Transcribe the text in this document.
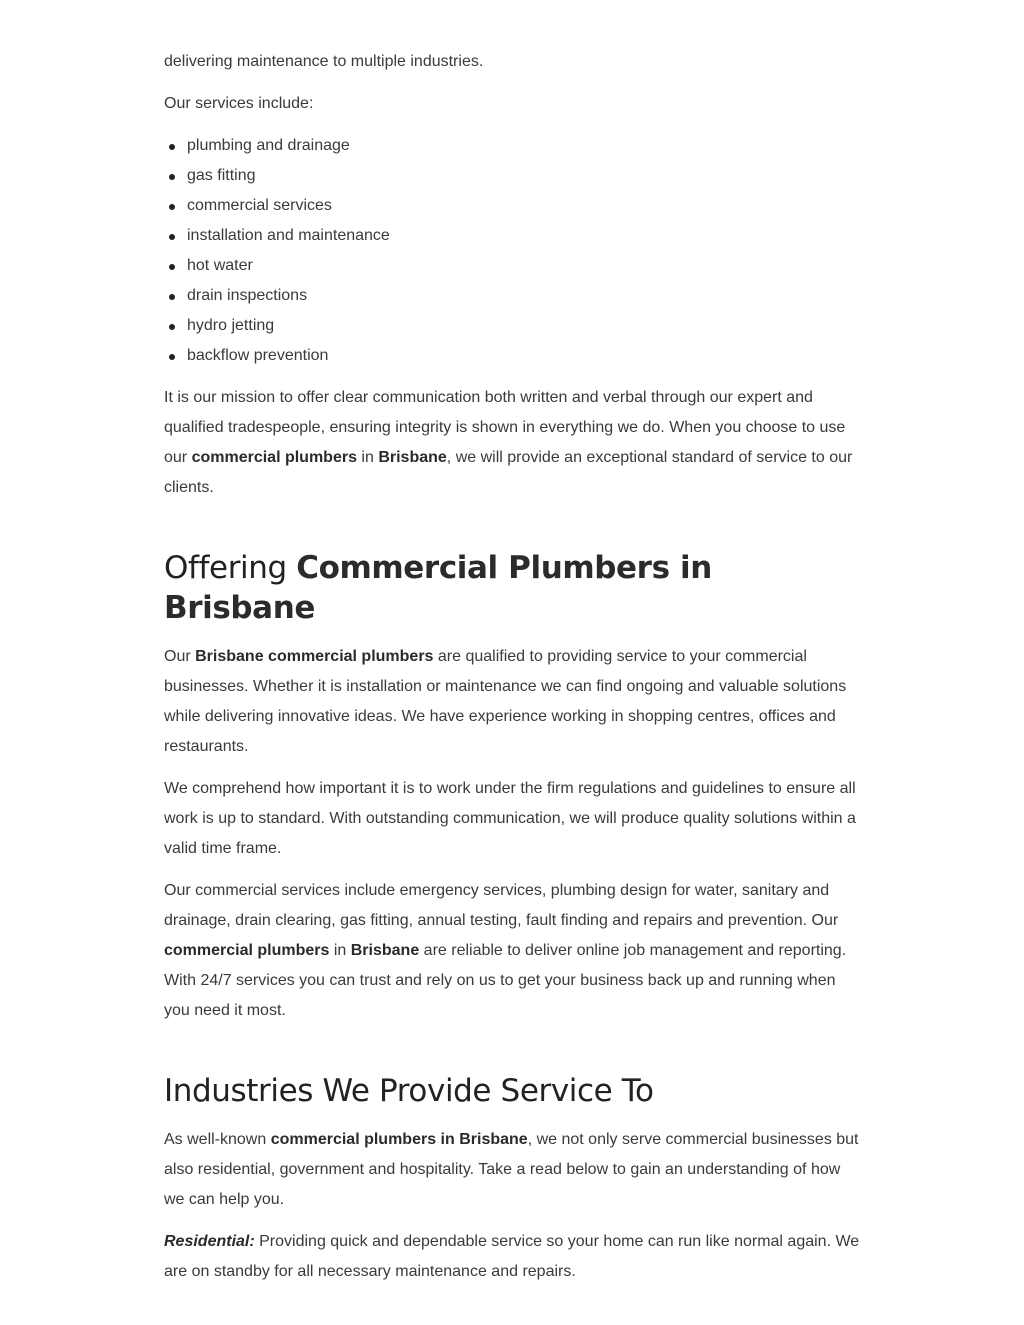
delivering maintenance to multiple industries.

Our services include:

plumbing and drainage
gas fitting
commercial services
installation and maintenance
hot water
drain inspections
hydro jetting
backflow prevention

It is our mission to offer clear communication both written and verbal through our expert and qualified tradespeople, ensuring integrity is shown in everything we do. When you choose to use our commercial plumbers in Brisbane, we will provide an exceptional standard of service to our clients.

Offering Commercial Plumbers in Brisbane

Our Brisbane commercial plumbers are qualified to providing service to your commercial businesses. Whether it is installation or maintenance we can find ongoing and valuable solutions while delivering innovative ideas. We have experience working in shopping centres, offices and restaurants.

We comprehend how important it is to work under the firm regulations and guidelines to ensure all work is up to standard. With outstanding communication, we will produce quality solutions within a valid time frame.

Our commercial services include emergency services, plumbing design for water, sanitary and drainage, drain clearing, gas fitting, annual testing, fault finding and repairs and prevention. Our commercial plumbers in Brisbane are reliable to deliver online job management and reporting. With 24/7 services you can trust and rely on us to get your business back up and running when you need it most.

Industries We Provide Service To

As well-known commercial plumbers in Brisbane, we not only serve commercial businesses but also residential, government and hospitality. Take a read below to gain an understanding of how we can help you.

Residential: Providing quick and dependable service so your home can run like normal again. We are on standby for all necessary maintenance and repairs.
